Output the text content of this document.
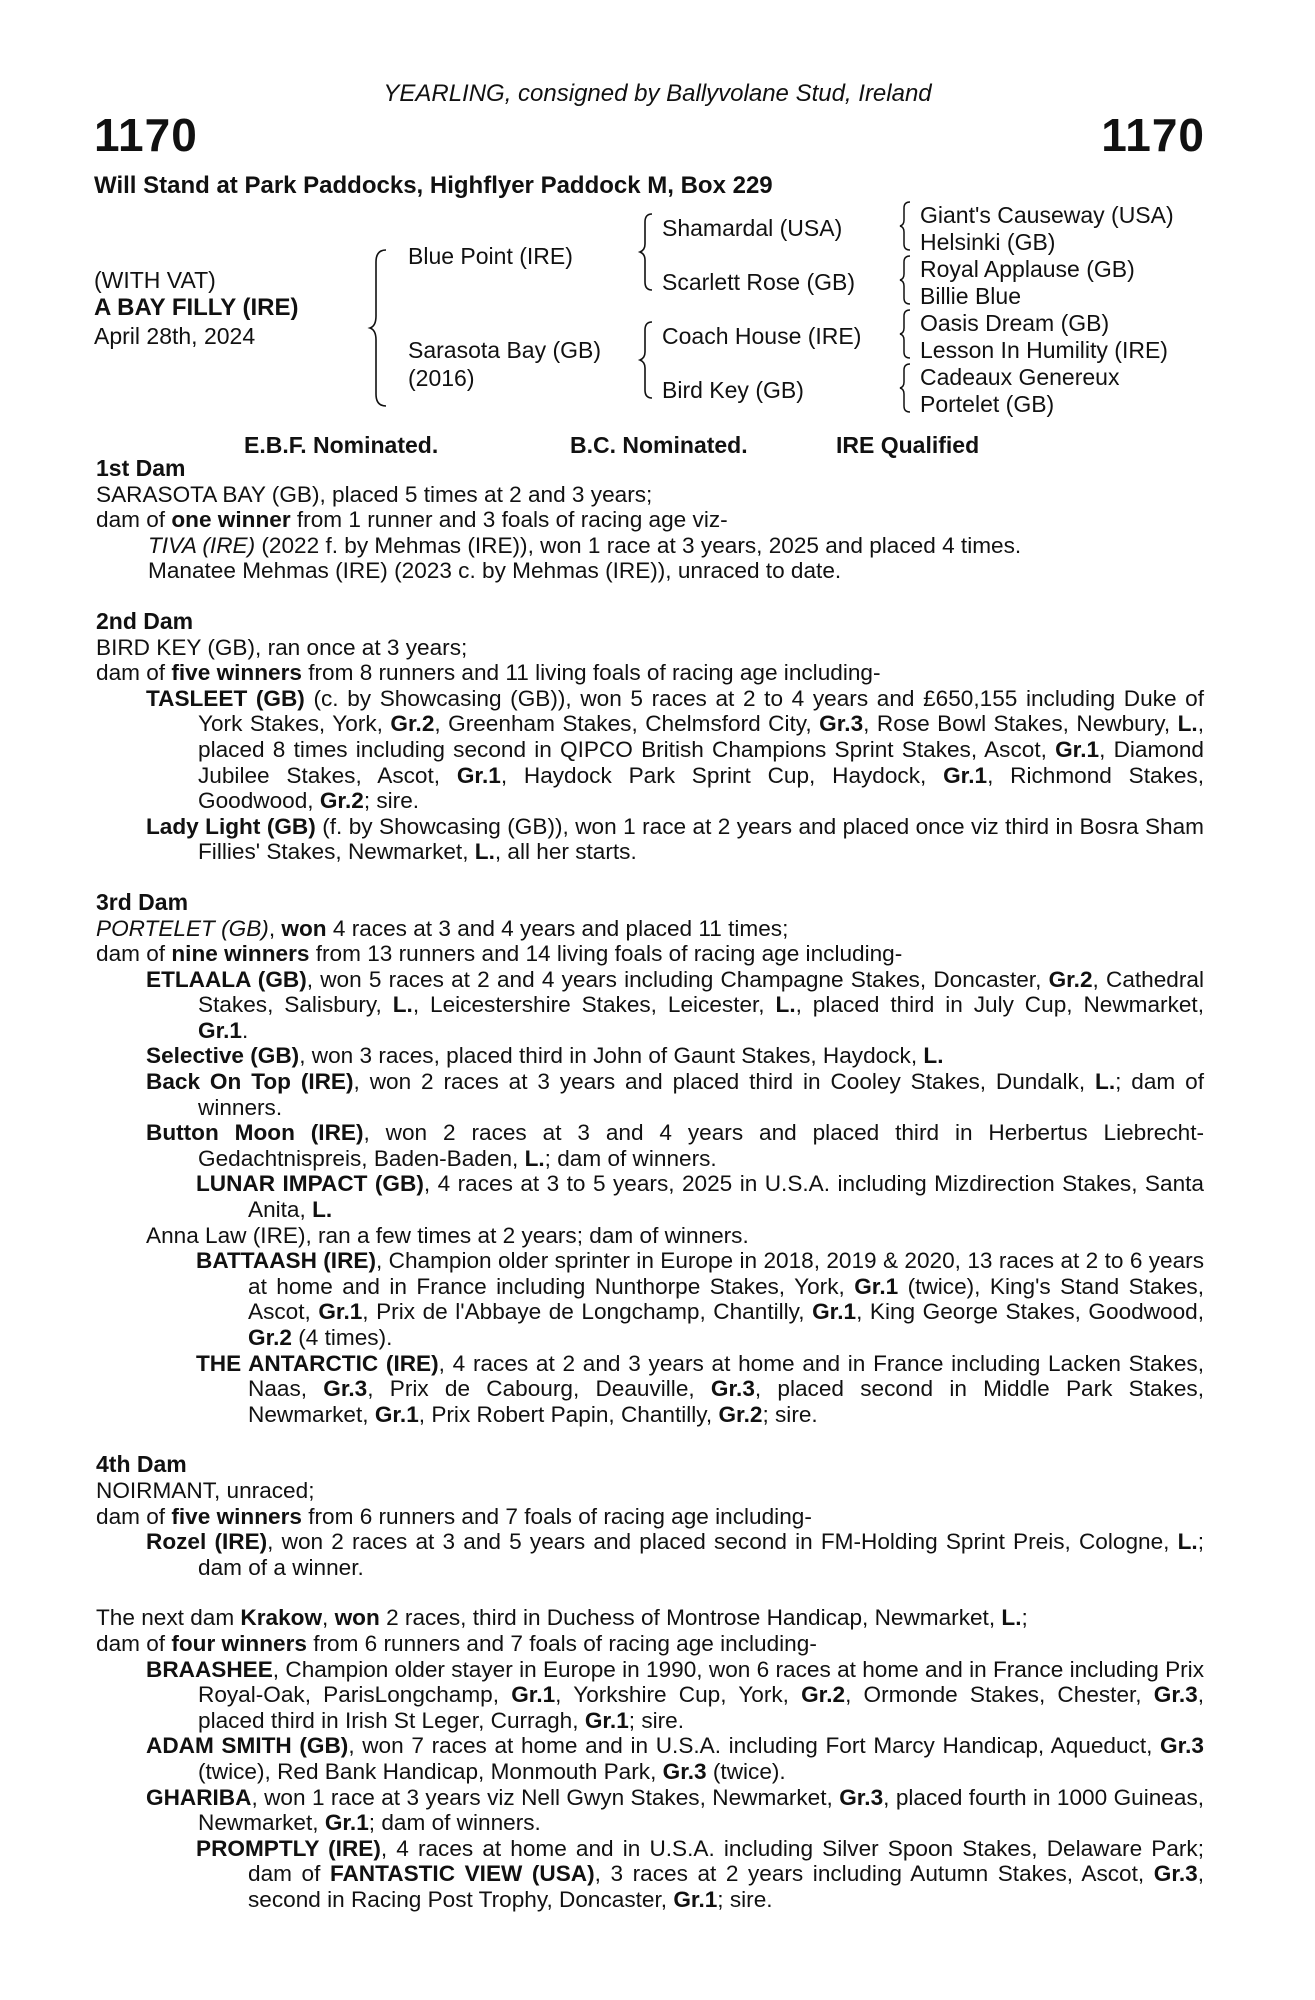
YEARLING, consigned by Ballyvolane Stud, Ireland
1170	1170
Will Stand at Park Paddocks, Highflyer Paddock M, Box 229
(WITH VAT)
A BAY FILLY (IRE)
April 28th, 2024
Blue Point (IRE)
Sarasota Bay (GB)
(2016)
Shamardal (USA)
Scarlett Rose (GB)
Coach House (IRE)
Bird Key (GB)
Giant's Causeway (USA)
Helsinki (GB)
Royal Applause (GB)
Billie Blue
Oasis Dream (GB)
Lesson In Humility (IRE)
Cadeaux Genereux
Portelet (GB)
E.B.F. Nominated.	B.C. Nominated.	IRE Qualified

1st Dam

SARASOTA BAY (GB), placed 5 times at 2 and 3 years;

dam of one winner from 1 runner and 3 foals of racing age viz-

TIVA (IRE) (2022 f. by Mehmas (IRE)), won 1 race at 3 years, 2025 and placed 4 times.

Manatee Mehmas (IRE) (2023 c. by Mehmas (IRE)), unraced to date.

2nd Dam

BIRD KEY (GB), ran once at 3 years;

dam of five winners from 8 runners and 11 living foals of racing age including-

TASLEET (GB) (c. by Showcasing (GB)), won 5 races at 2 to 4 years and £650,155 including Duke of York Stakes, York, Gr.2, Greenham Stakes, Chelmsford City, Gr.3, Rose Bowl Stakes, Newbury, L., placed 8 times including second in QIPCO British Champions Sprint Stakes, Ascot, Gr.1, Diamond Jubilee Stakes, Ascot, Gr.1, Haydock Park Sprint Cup, Haydock, Gr.1, Richmond Stakes, Goodwood, Gr.2; sire.

Lady Light (GB) (f. by Showcasing (GB)), won 1 race at 2 years and placed once viz third in Bosra Sham Fillies' Stakes, Newmarket, L., all her starts.

3rd Dam

PORTELET (GB), won 4 races at 3 and 4 years and placed 11 times;

dam of nine winners from 13 runners and 14 living foals of racing age including-

ETLAALA (GB), won 5 races at 2 and 4 years including Champagne Stakes, Doncaster, Gr.2, Cathedral Stakes, Salisbury, L., Leicestershire Stakes, Leicester, L., placed third in July Cup, Newmarket, Gr.1.

Selective (GB), won 3 races, placed third in John of Gaunt Stakes, Haydock, L.

Back On Top (IRE), won 2 races at 3 years and placed third in Cooley Stakes, Dundalk, L.; dam of winners.

Button Moon (IRE), won 2 races at 3 and 4 years and placed third in Herbertus Liebrecht-Gedachtnispreis, Baden-Baden, L.; dam of winners.

LUNAR IMPACT (GB), 4 races at 3 to 5 years, 2025 in U.S.A. including Mizdirection Stakes, Santa Anita, L.

Anna Law (IRE), ran a few times at 2 years; dam of winners.

BATTAASH (IRE), Champion older sprinter in Europe in 2018, 2019 & 2020, 13 races at 2 to 6 years at home and in France including Nunthorpe Stakes, York, Gr.1 (twice), King's Stand Stakes, Ascot, Gr.1, Prix de l'Abbaye de Longchamp, Chantilly, Gr.1, King George Stakes, Goodwood, Gr.2 (4 times).

THE ANTARCTIC (IRE), 4 races at 2 and 3 years at home and in France including Lacken Stakes, Naas, Gr.3, Prix de Cabourg, Deauville, Gr.3, placed second in Middle Park Stakes, Newmarket, Gr.1, Prix Robert Papin, Chantilly, Gr.2; sire.

4th Dam

NOIRMANT, unraced;

dam of five winners from 6 runners and 7 foals of racing age including-

Rozel (IRE), won 2 races at 3 and 5 years and placed second in FM-Holding Sprint Preis, Cologne, L.; dam of a winner.

The next dam Krakow, won 2 races, third in Duchess of Montrose Handicap, Newmarket, L.;

dam of four winners from 6 runners and 7 foals of racing age including-

BRAASHEE, Champion older stayer in Europe in 1990, won 6 races at home and in France including Prix Royal-Oak, ParisLongchamp, Gr.1, Yorkshire Cup, York, Gr.2, Ormonde Stakes, Chester, Gr.3, placed third in Irish St Leger, Curragh, Gr.1; sire.

ADAM SMITH (GB), won 7 races at home and in U.S.A. including Fort Marcy Handicap, Aqueduct, Gr.3 (twice), Red Bank Handicap, Monmouth Park, Gr.3 (twice).

GHARIBA, won 1 race at 3 years viz Nell Gwyn Stakes, Newmarket, Gr.3, placed fourth in 1000 Guineas, Newmarket, Gr.1; dam of winners.

PROMPTLY (IRE), 4 races at home and in U.S.A. including Silver Spoon Stakes, Delaware Park; dam of FANTASTIC VIEW (USA), 3 races at 2 years including Autumn Stakes, Ascot, Gr.3, second in Racing Post Trophy, Doncaster, Gr.1; sire.
